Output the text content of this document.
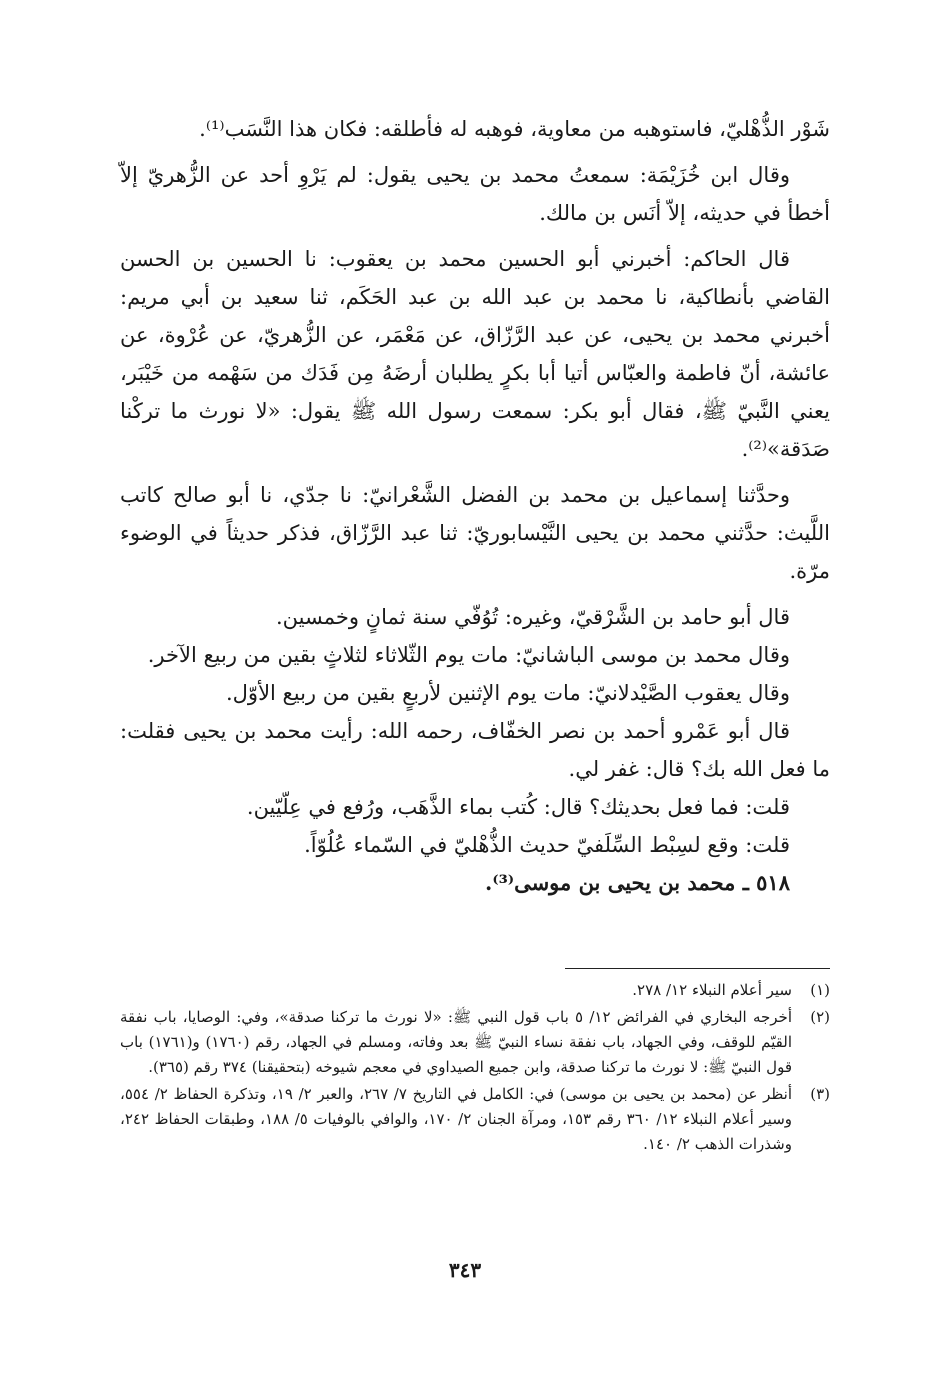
شَوْر الذُّهْليّ، فاستوهبه من معاوية، فوهبه له فأطلقه: فكان هذا النَّسَب⁽¹⁾.

وقال ابن خُزَيْمَة: سمعتُ محمد بن يحيى يقول: لم يَرْوِ أحد عن الزُّهريّ إلاّ أخطأ في حديثه، إلاّ أنَس بن مالك.

قال الحاكم: أخبرني أبو الحسين محمد بن يعقوب: نا الحسين بن الحسن القاضي بأنطاكية، نا محمد بن عبد الله بن عبد الحَكَم، ثنا سعيد بن أبي مريم: أخبرني محمد بن يحيى، عن عبد الرَّزّاق، عن مَعْمَر، عن الزُّهريّ، عن عُرْوة، عن عائشة، أنّ فاطمة والعبّاس أتيا أبا بكرٍ يطلبان أرضَهُ مِن فَدَك من سَهْمه من خَيْبَر، يعني النَّبيّ ﷺ، فقال أبو بكر: سمعت رسول الله ﷺ يقول: «لا نورث ما تركْنا صَدَقة»⁽²⁾.

وحدَّثنا إسماعيل بن محمد بن الفضل الشَّعْرانيّ: نا جدّي، نا أبو صالح كاتب اللَّيث: حدَّثني محمد بن يحيى النَّيْسابوريّ: ثنا عبد الرَّزّاق، فذكر حديثاً في الوضوء مرّة.

قال أبو حامد بن الشَّرْقيّ، وغيره: تُوُفّي سنة ثمانٍ وخمسين.

وقال محمد بن موسى الباشانيّ: مات يوم الثّلاثاء لثلاثٍ بقين من ربيع الآخر.

وقال يعقوب الصَّيْدلانيّ: مات يوم الإثنين لأربعٍ بقين من ربيع الأوّل.

قال أبو عَمْرو أحمد بن نصر الخفّاف، رحمه الله: رأيت محمد بن يحيى فقلت: ما فعل الله بك؟ قال: غفر لي.

قلت: فما فعل بحديثك؟ قال: كُتب بماء الذَّهَب، ورُفع في عِلّيّين.

قلت: وقع لسِبْط السِّلَفيّ حديث الذُّهْليّ في السّماء عُلُوّاً.

٥١٨ ـ محمد بن يحيى بن موسى⁽³⁾.

(١)
سير أعلام النبلاء ١٢/ ٢٧٨.
(٢)
أخرجه البخاري في الفرائض ١٢/ ٥ باب قول النبي ﷺ: «لا نورث ما تركنا صدقة»، وفي: الوصايا، باب نفقة القيّم للوقف، وفي الجهاد، باب نفقة نساء النبيّ ﷺ بعد وفاته، ومسلم في الجهاد، رقم (١٧٦٠) و(١٧٦١) باب قول النبيّ ﷺ: لا نورث ما تركنا صدقة، وابن جميع الصيداوي في معجم شيوخه (بتحقيقنا) ٣٧٤ رقم (٣٦٥).
(٣)
أنظر عن (محمد بن يحيى بن موسى) في: الكامل في التاريخ ٧/ ٢٦٧، والعبر ٢/ ١٩، وتذكرة الحفاظ ٢/ ٥٥٤، وسير أعلام النبلاء ١٢/ ٣٦٠ رقم ١٥٣، ومرآة الجنان ٢/ ١٧٠، والوافي بالوفيات ٥/ ١٨٨، وطبقات الحفاظ ٢٤٢، وشذرات الذهب ٢/ ١٤٠.
٣٤٣
